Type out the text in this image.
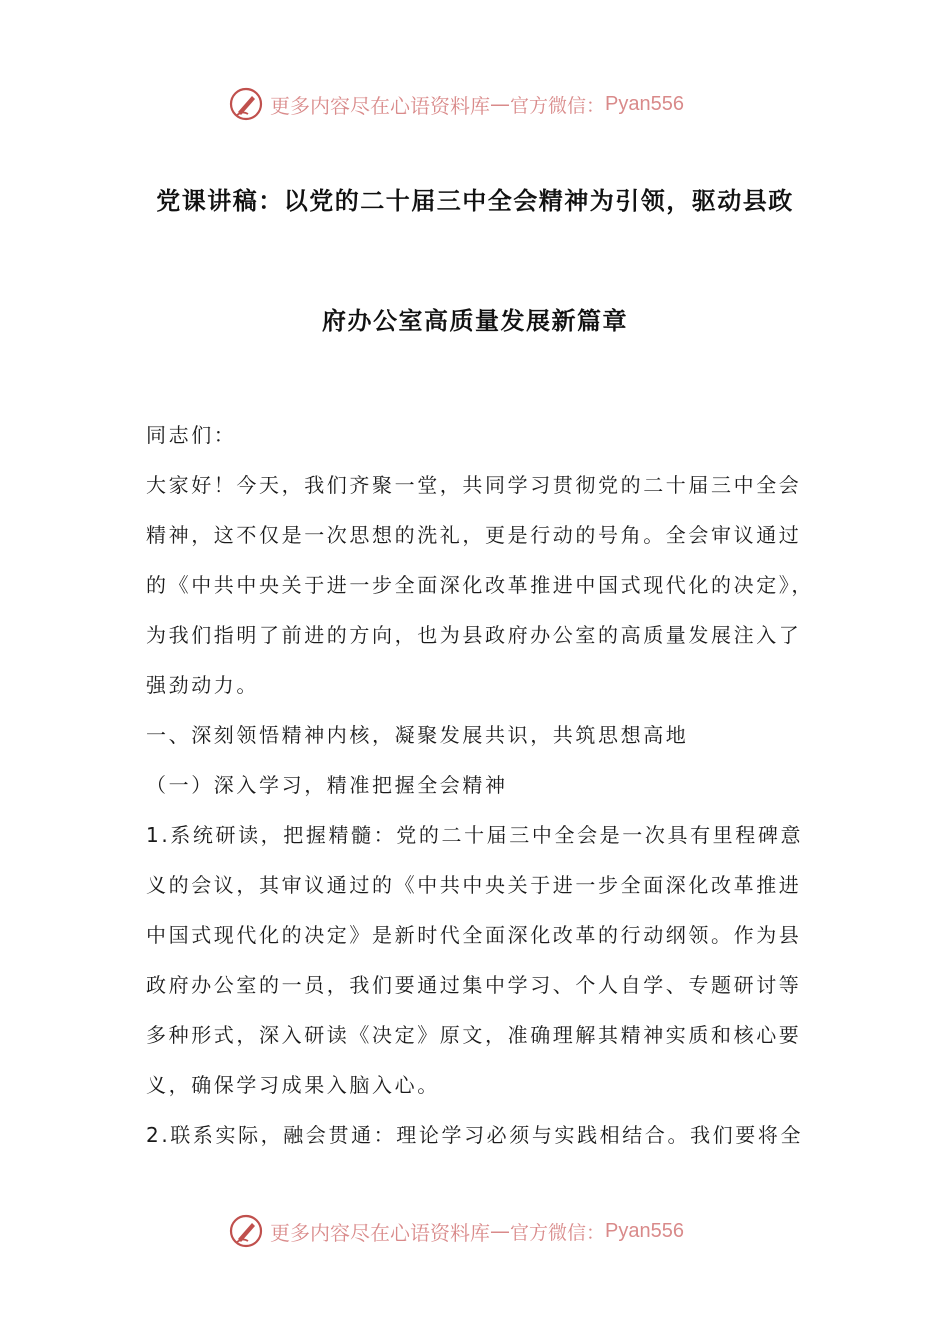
更多内容尽在心语资料库 — 官方微信： Pyan556
党课讲稿：以党的二十届三中全会精神为引领，驱动县政
府办公室高质量发展新篇章
同志们：
大家好！今天，我们齐聚一堂，共同学习贯彻党的二十届三中全会
精神，这不仅是一次思想的洗礼，更是行动的号角。全会审议通过
的《中共中央关于进一步全面深化改革推进中国式现代化的决定》，
为我们指明了前进的方向，也为县政府办公室的高质量发展注入了
强劲动力。
一、深刻领悟精神内核，凝聚发展共识，共筑思想高地
（一）深入学习，精准把握全会精神
1.系统研读，把握精髓：党的二十届三中全会是一次具有里程碑意
义的会议，其审议通过的《中共中央关于进一步全面深化改革推进
中国式现代化的决定》是新时代全面深化改革的行动纲领。作为县
政府办公室的一员，我们要通过集中学习、个人自学、专题研讨等
多种形式，深入研读《决定》原文，准确理解其精神实质和核心要
义，确保学习成果入脑入心。
2.联系实际，融会贯通：理论学习必须与实践相结合。我们要将全
更多内容尽在心语资料库 — 官方微信： Pyan556
